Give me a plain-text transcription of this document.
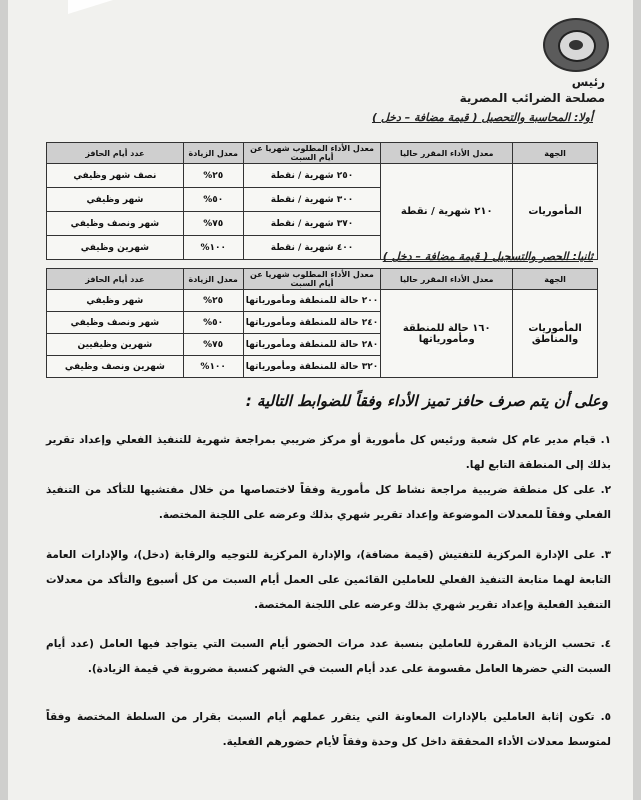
رئيس
مصلحة الضرائب المصرية
أولا: المحاسبة والتحصيل ( قيمة مضافة – دخل )
الجهة	معدل الأداء المقرر حاليا	معدل الأداء المطلوب شهريا عن أيام السبت	معدل الزيادة	عدد أيام الحافز
المأموريات	٢١٠ شهرية / نقطة	٢٥٠ شهرية / نقطة	٢٥%	نصف شهر وظيفي
		٣٠٠ شهرية / نقطة	٥٠%	شهر وظيفي
		٣٧٠ شهرية / نقطة	٧٥%	شهر ونصف وظيفي
		٤٠٠ شهرية / نقطة	١٠٠%	شهرين وظيفي
ثانيا: الحصر والتسجيل ( قيمة مضافة – دخل )
الجهة	معدل الأداء المقرر حاليا	معدل الأداء المطلوب شهريا عن أيام السبت	معدل الزيادة	عدد أيام الحافز
المأموريات والمناطق	١٦٠ حالة للمنطقة ومأمورياتها	٢٠٠ حالة للمنطقة ومأمورياتها	٢٥%	شهر وظيفي
		٢٤٠ حالة للمنطقة ومأمورياتها	٥٠%	شهر ونصف وظيفي
		٢٨٠ حالة للمنطقة ومأمورياتها	٧٥%	شهرين وظيفيين
		٣٢٠ حالة للمنطقة ومأمورياتها	١٠٠%	شهرين ونصف وظيفي
وعلى أن يتم صرف حافز تميز الأداء وفقاً للضوابط التالية :
١. قيام مدير عام كل شعبة ورئيس كل مأمورية أو مركز ضريبي بمراجعة شهرية للتنفيذ الفعلي وإعداد تقرير بذلك إلى المنطقة التابع لها.
٢. على كل منطقة ضريبية مراجعة نشاط كل مأمورية وفقاً لاختصاصها من خلال مفتشيها للتأكد من التنفيذ الفعلي وفقاً للمعدلات الموضوعة وإعداد تقرير شهري بذلك وعرضه على اللجنة المختصة.
٣. على الإدارة المركزية للتفتيش (قيمة مضافة)، والإدارة المركزية للتوجيه والرقابة (دخل)، والإدارات العامة التابعة لهما متابعة التنفيذ الفعلي للعاملين القائمين على العمل أيام السبت من كل أسبوع والتأكد من معدلات التنفيذ الفعلية وإعداد تقرير شهري بذلك وعرضه على اللجنة المختصة.
٤. تحسب الزيادة المقررة للعاملين بنسبة عدد مرات الحضور أيام السبت التي يتواجد فيها العامل (عدد أيام السبت التي حضرها العامل مقسومة على عدد أيام السبت في الشهر كنسبة مضروبة في قيمة الزيادة).
٥. تكون إثابة العاملين بالإدارات المعاونة التي يتقرر عملهم أيام السبت بقرار من السلطة المختصة وفقاً لمتوسط معدلات الأداء المحققة داخل كل وحدة وفقاً لأيام حضورهم الفعلية.
